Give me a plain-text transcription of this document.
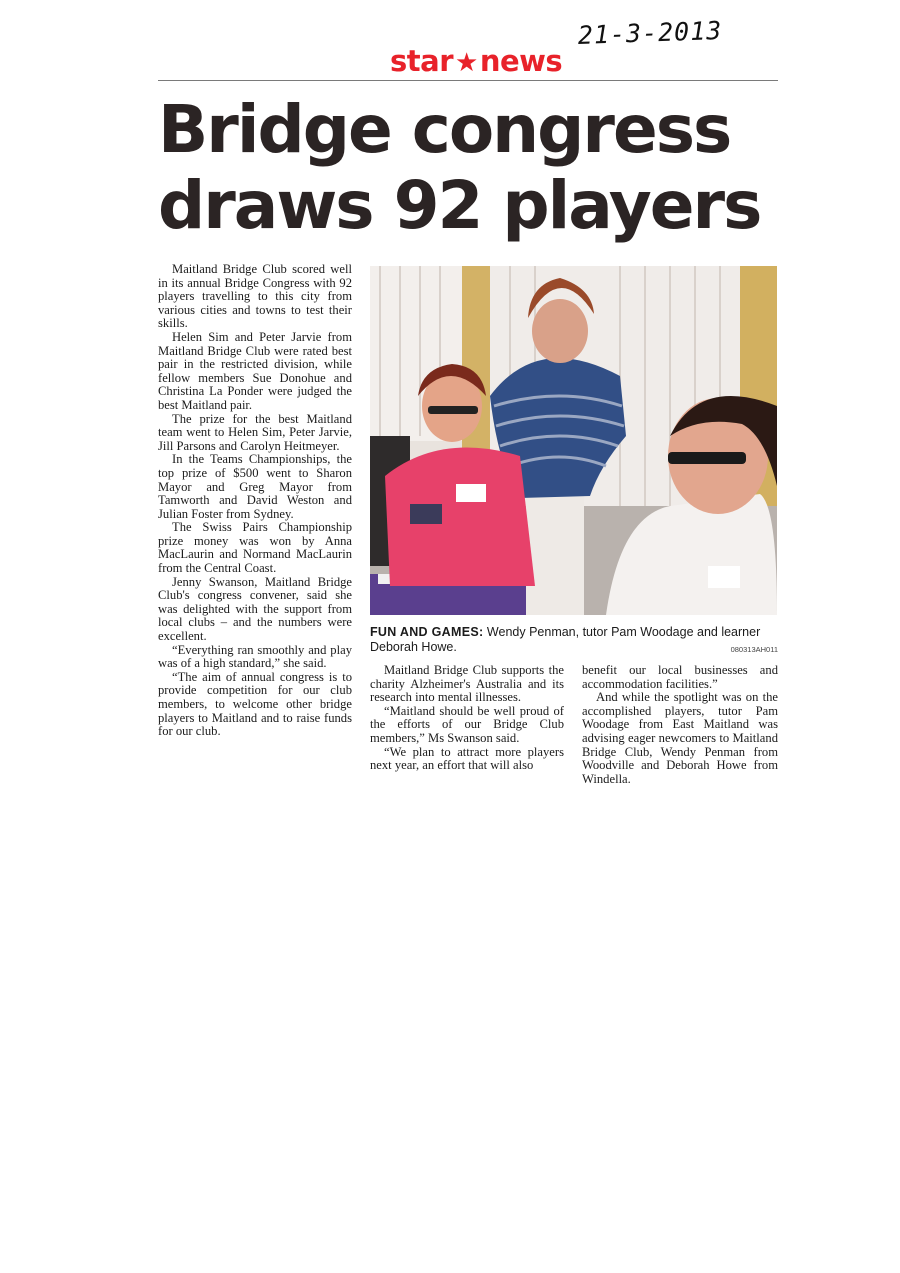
21-3-2013
star★news
Bridge congress
draws 92 players

Maitland Bridge Club scored well in its annual Bridge Congress with 92 players travelling to this city from various cities and towns to test their skills.

Helen Sim and Peter Jarvie from Maitland Bridge Club were rated best pair in the restricted division, while fellow members Sue Donohue and Christina La Ponder were judged the best Maitland pair.

The prize for the best Maitland team went to Helen Sim, Peter Jarvie, Jill Parsons and Carolyn Heitmeyer.

In the Teams Championships, the top prize of $500 went to Sharon Mayor and Greg Mayor from Tamworth and David Weston and Julian Foster from Sydney.

The Swiss Pairs Championship prize money was won by Anna MacLaurin and Normand MacLaurin from the Central Coast.

Jenny Swanson, Maitland Bridge Club's congress convener, said she was delighted with the support from local clubs – and the numbers were excellent.

“Everything ran smoothly and play was of a high standard,” she said.

“The aim of annual congress is to provide competition for our club members, to welcome other bridge players to Maitland and to raise funds for our club.

FUN AND GAMES: Wendy Penman, tutor Pam Woodage and learner Deborah Howe.	080313AH011

Maitland Bridge Club supports the charity Alzheimer's Australia and its research into mental illnesses.

“Maitland should be well proud of the efforts of our Bridge Club members,” Ms Swanson said.

“We plan to attract more players next year, an effort that will also

benefit our local businesses and accommodation facilities.”

And while the spotlight was on the accomplished players, tutor Pam Woodage from East Maitland was advising eager newcomers to Maitland Bridge Club, Wendy Penman from Woodville and Deborah Howe from Windella.
